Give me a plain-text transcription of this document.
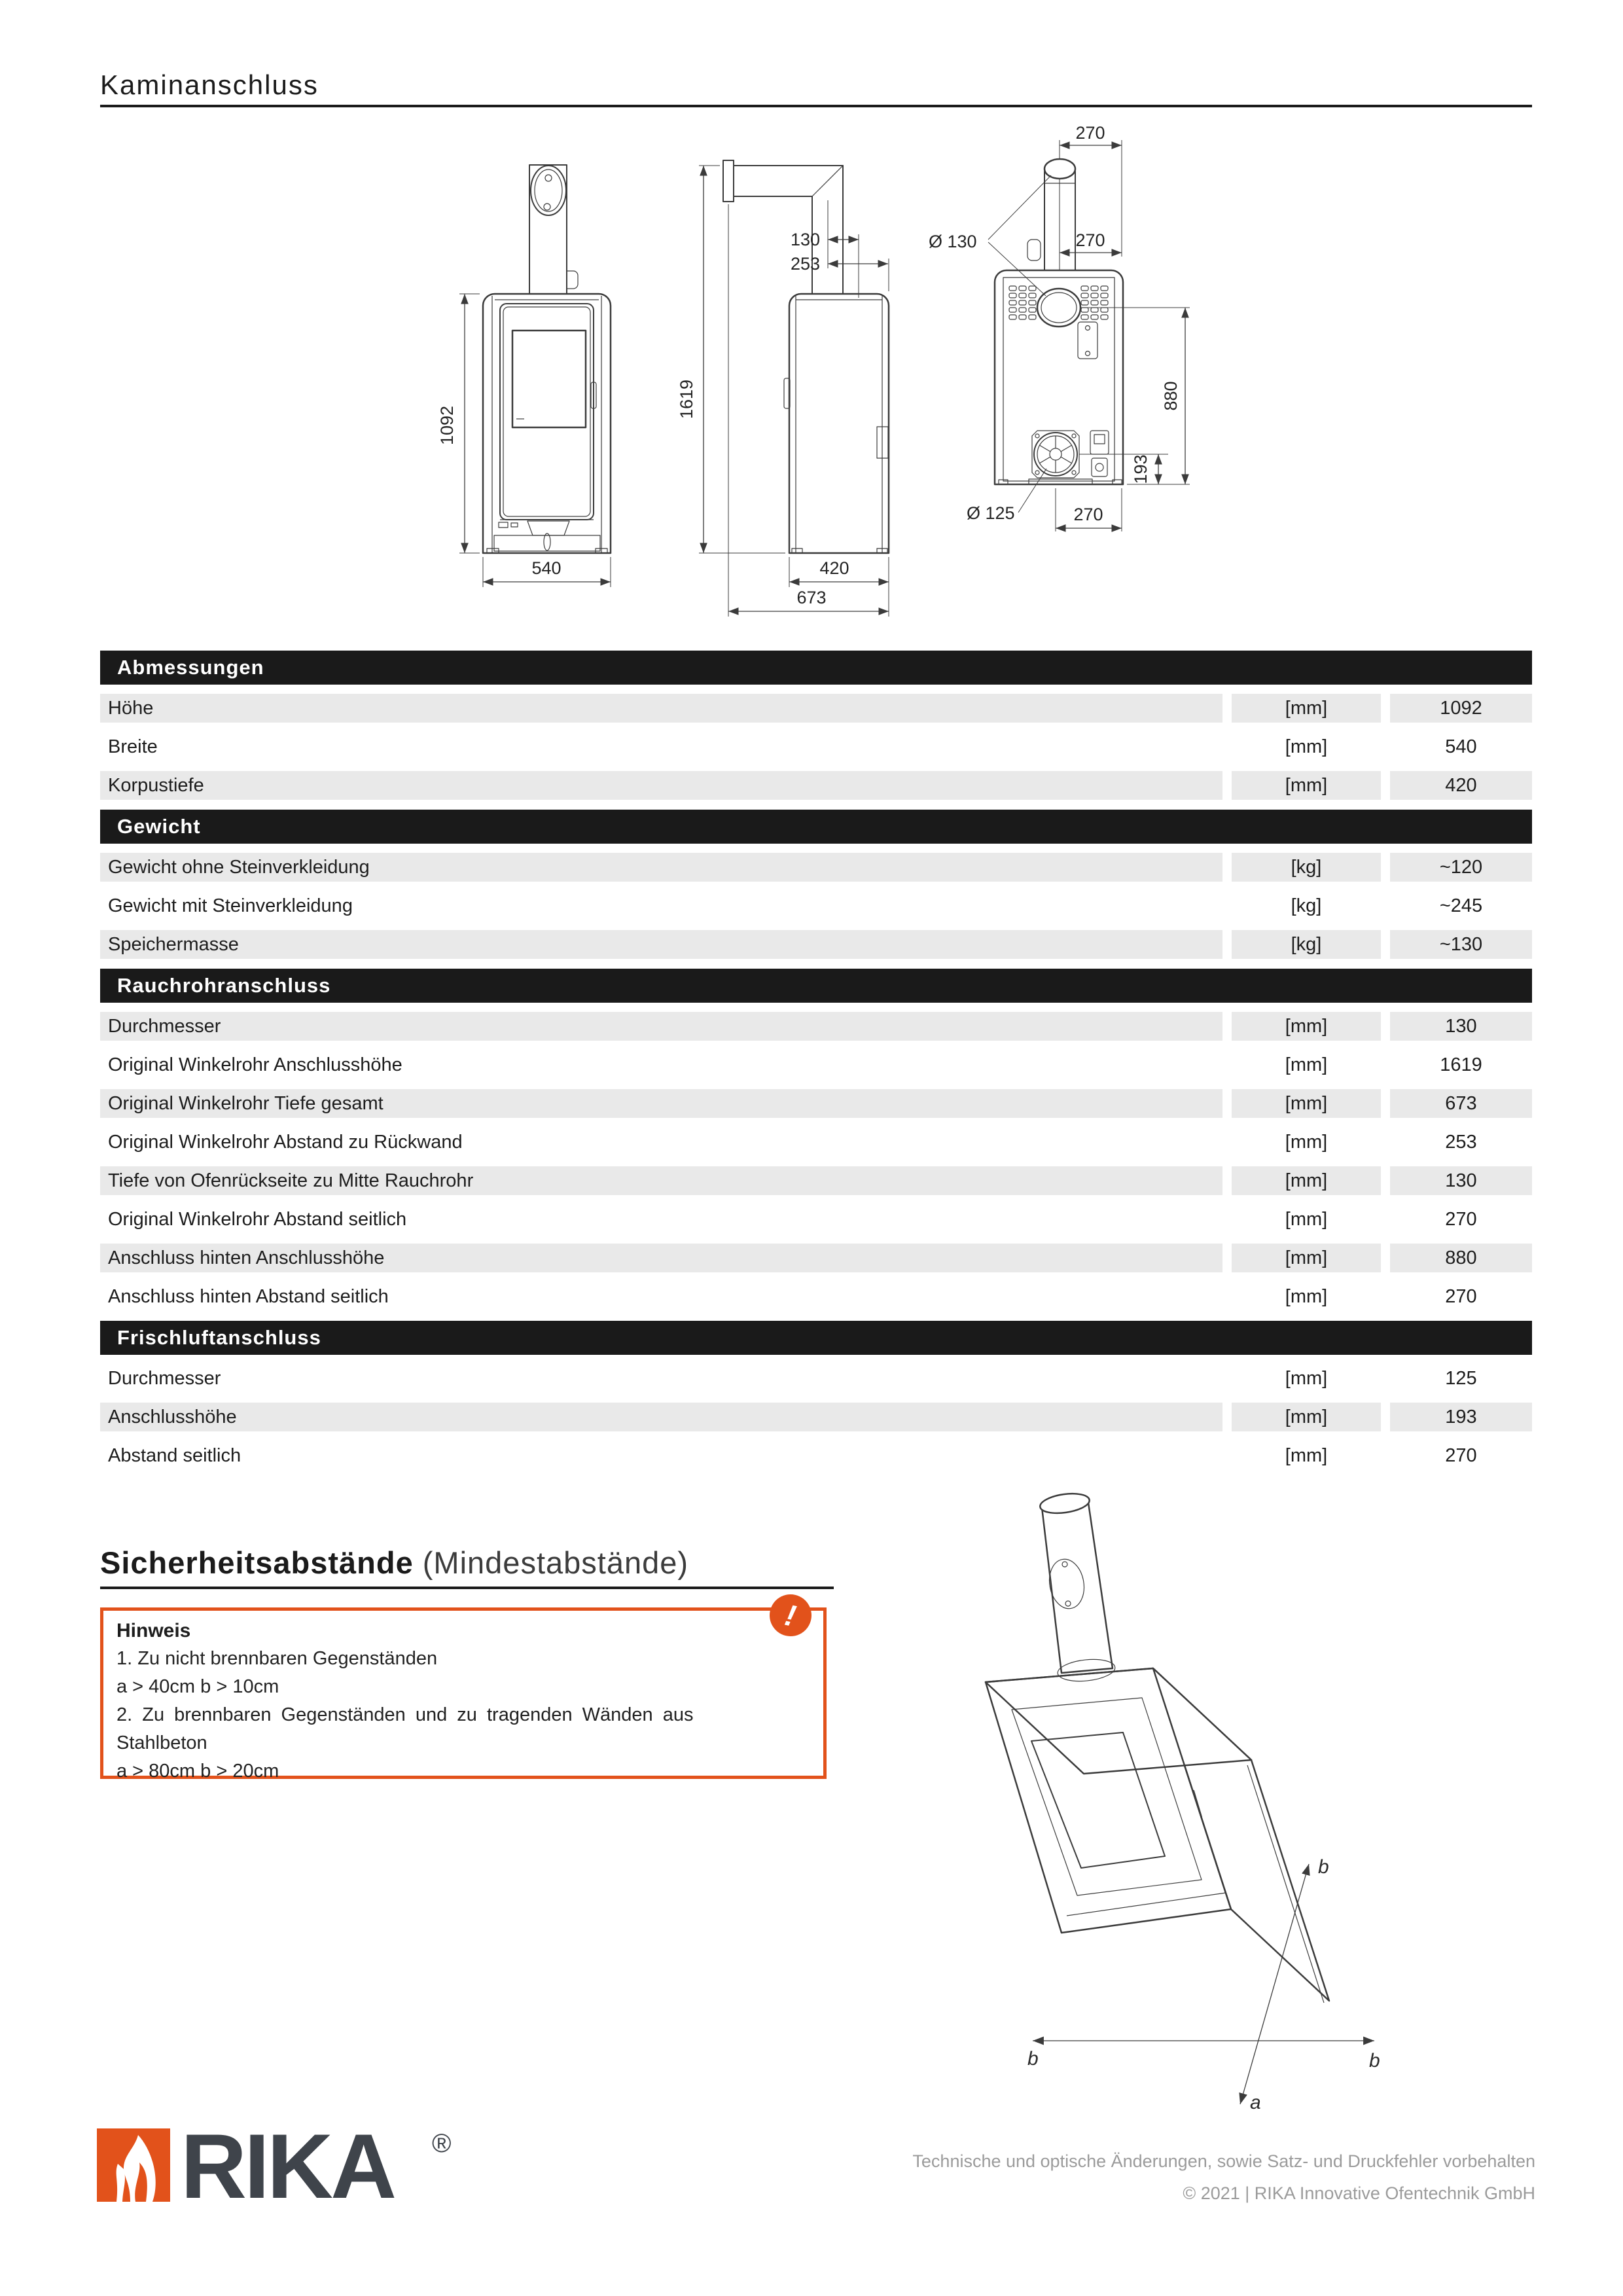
Kaminanschluss
1092
540
1619
130
253
420
673
270
Ø 130	270
880
193
270
Ø 125
Abmessungen
Höhe	[mm]	1092
Breite	[mm]	540
Korpustiefe	[mm]	420
Gewicht
Gewicht ohne Steinverkleidung	[kg]	~120
Gewicht mit Steinverkleidung	[kg]	~245
Speichermasse	[kg]	~130
Rauchrohranschluss
Durchmesser	[mm]	130
Original Winkelrohr Anschlusshöhe	[mm]	1619
Original Winkelrohr Tiefe gesamt	[mm]	673
Original Winkelrohr Abstand zu Rückwand	[mm]	253
Tiefe von Ofenrückseite zu Mitte Rauchrohr	[mm]	130
Original Winkelrohr Abstand seitlich	[mm]	270
Anschluss hinten Anschlusshöhe	[mm]	880
Anschluss hinten Abstand seitlich	[mm]	270
Frischluftanschluss
Durchmesser	[mm]	125
Anschlusshöhe	[mm]	193
Abstand seitlich	[mm]	270
Sicherheitsabstände (Mindestabstände)
Hinweis
1. Zu nicht brennbaren Gegenständen
a > 40cm b > 10cm
2. Zu brennbaren Gegenständen und zu tragenden Wänden aus
Stahlbeton
a > 80cm b > 20cm
!
b	b
b
a
RIKA ®
Technische und optische Änderungen, sowie Satz- und Druckfehler vorbehalten
© 2021 | RIKA Innovative Ofentechnik GmbH
